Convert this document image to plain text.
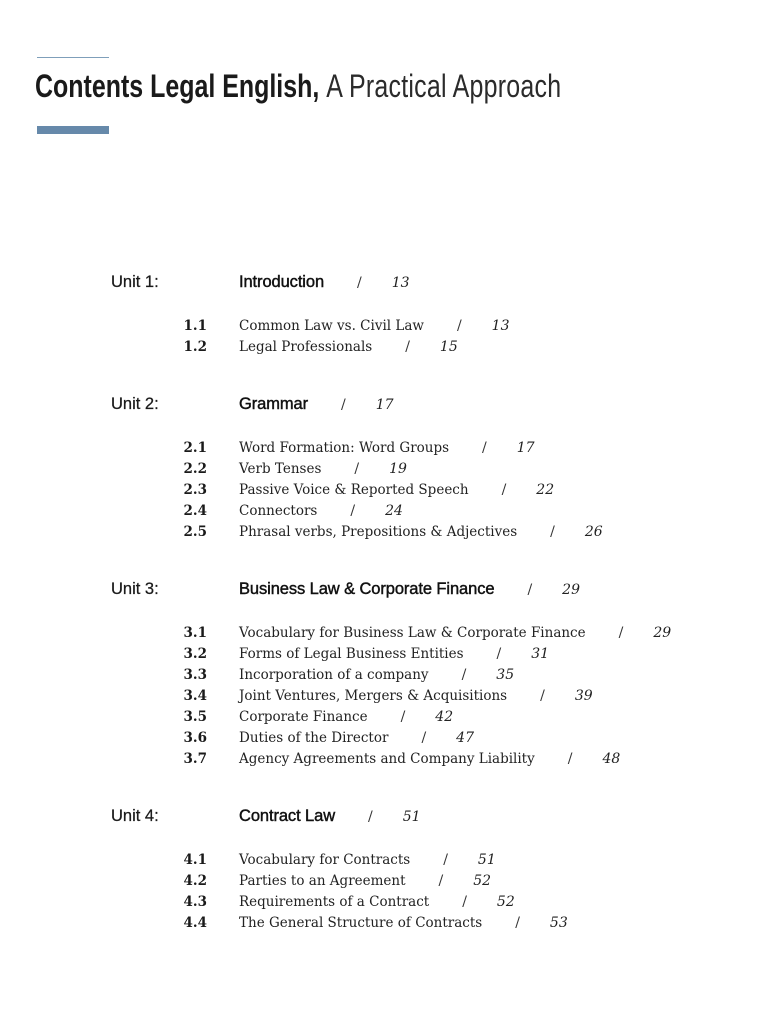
Contents Legal English, A Practical Approach
Unit 1:	Introduction / 13
1.1 Common Law vs. Civil Law / 13
1.2 Legal Professionals / 15
Unit 2:	Grammar / 17
2.1 Word Formation: Word Groups / 17
2.2 Verb Tenses / 19
2.3 Passive Voice & Reported Speech / 22
2.4 Connectors / 24
2.5 Phrasal verbs, Prepositions & Adjectives / 26
Unit 3:	Business Law & Corporate Finance / 29
3.1 Vocabulary for Business Law & Corporate Finance / 29
3.2 Forms of Legal Business Entities / 31
3.3 Incorporation of a company / 35
3.4 Joint Ventures, Mergers & Acquisitions / 39
3.5 Corporate Finance / 42
3.6 Duties of the Director / 47
3.7 Agency Agreements and Company Liability / 48
Unit 4:	Contract Law / 51
4.1 Vocabulary for Contracts / 51
4.2 Parties to an Agreement / 52
4.3 Requirements of a Contract / 52
4.4 The General Structure of Contracts / 53
